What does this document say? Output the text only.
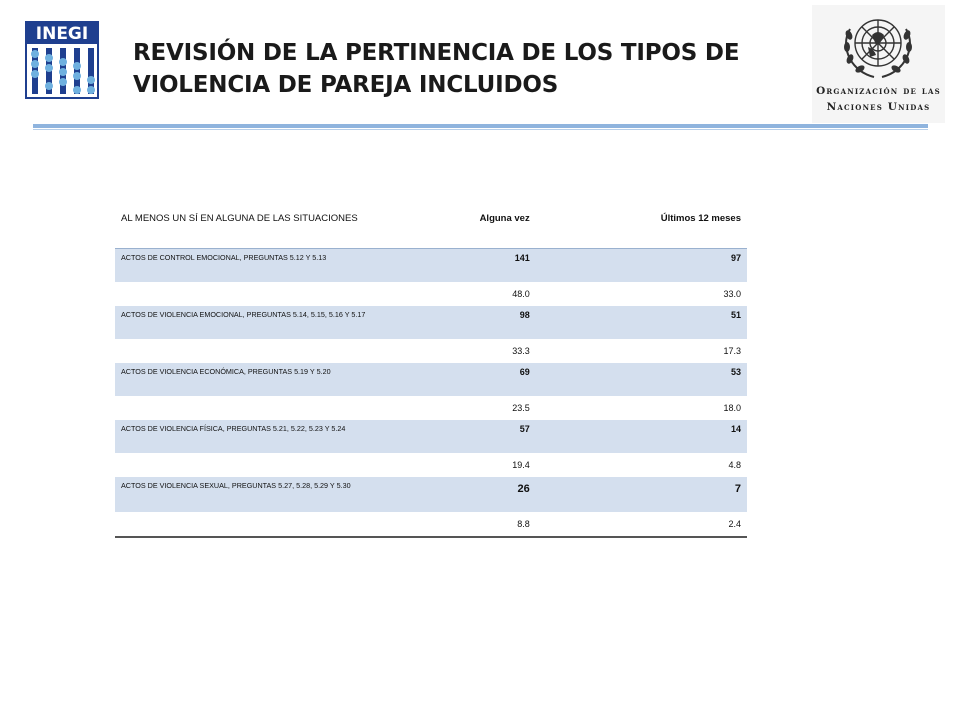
INEGI
REVISIÓN DE LA PERTINENCIA DE LOS TIPOS DE
VIOLENCIA DE PAREJA INCLUIDOS	Organización de las
Naciones Unidas
AL MENOS UN SÍ EN ALGUNA DE LAS SITUACIONES	Alguna vez	Últimos 12 meses
ACTOS DE CONTROL EMOCIONAL, PREGUNTAS 5.12 Y 5.13	141	97
	48.0	33.0
ACTOS DE VIOLENCIA EMOCIONAL, PREGUNTAS 5.14, 5.15, 5.16 Y 5.17	98	51
	33.3	17.3
ACTOS DE VIOLENCIA ECONÓMICA, PREGUNTAS 5.19 Y 5.20	69	53
	23.5	18.0
ACTOS DE VIOLENCIA FÍSICA, PREGUNTAS 5.21, 5.22, 5.23 Y 5.24	57	14
	19.4	4.8
ACTOS DE VIOLENCIA SEXUAL, PREGUNTAS 5.27, 5.28, 5.29 Y 5.30	26	7
	8.8	2.4
